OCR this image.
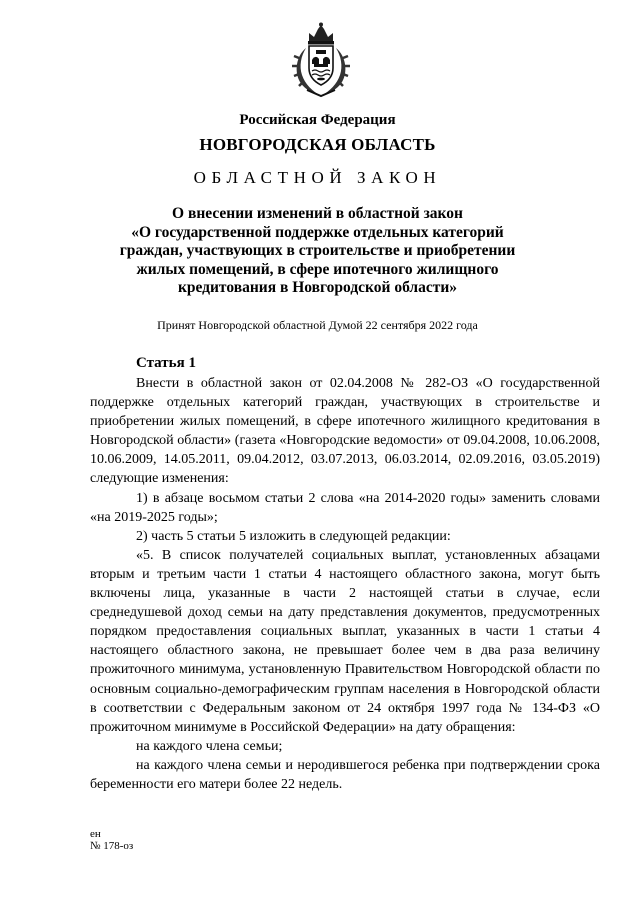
Российская Федерация
НОВГОРОДСКАЯ ОБЛАСТЬ
ОБЛАСТНОЙ ЗАКОН
О внесении изменений в областной закон
«О государственной поддержке отдельных категорий
граждан, участвующих в строительстве и приобретении
жилых помещений, в сфере ипотечного жилищного
кредитования в Новгородской области»
Принят Новгородской областной Думой 22 сентября 2022 года
Статья 1

Внести в областной закон от 02.04.2008 № 282-ОЗ «О государственной поддержке отдельных категорий граждан, участвующих в строительстве и приобретении жилых помещений, в сфере ипотечного жилищного кредитования в Новгородской области» (газета «Новгородские ведомости» от 09.04.2008, 10.06.2008, 10.06.2009, 14.05.2011, 09.04.2012, 03.07.2013, 06.03.2014, 02.09.2016, 03.05.2019) следующие изменения:

1) в абзаце восьмом статьи 2 слова «на 2014-2020 годы» заменить словами «на 2019-2025 годы»;

2) часть 5 статьи 5 изложить в следующей редакции:

«5. В список получателей социальных выплат, установленных абзацами вторым и третьим части 1 статьи 4 настоящего областного закона, могут быть включены лица, указанные в части 2 настоящей статьи в случае, если среднедушевой доход семьи на дату представления документов, предусмотренных порядком предоставления социальных выплат, указанных в части 1 статьи 4 настоящего областного закона, не превышает более чем в два раза величину прожиточного минимума, установленную Правительством Новгородской области по основным социально-демографическим группам населения в Новгородской области в соответствии с Федеральным законом от 24 октября 1997 года № 134-ФЗ «О прожиточном минимуме в Российской Федерации» на дату обращения:

на каждого члена семьи;

на каждого члена семьи и неродившегося ребенка при подтверждении срока беременности его матери более 22 недель.

ен
№ 178-оз
